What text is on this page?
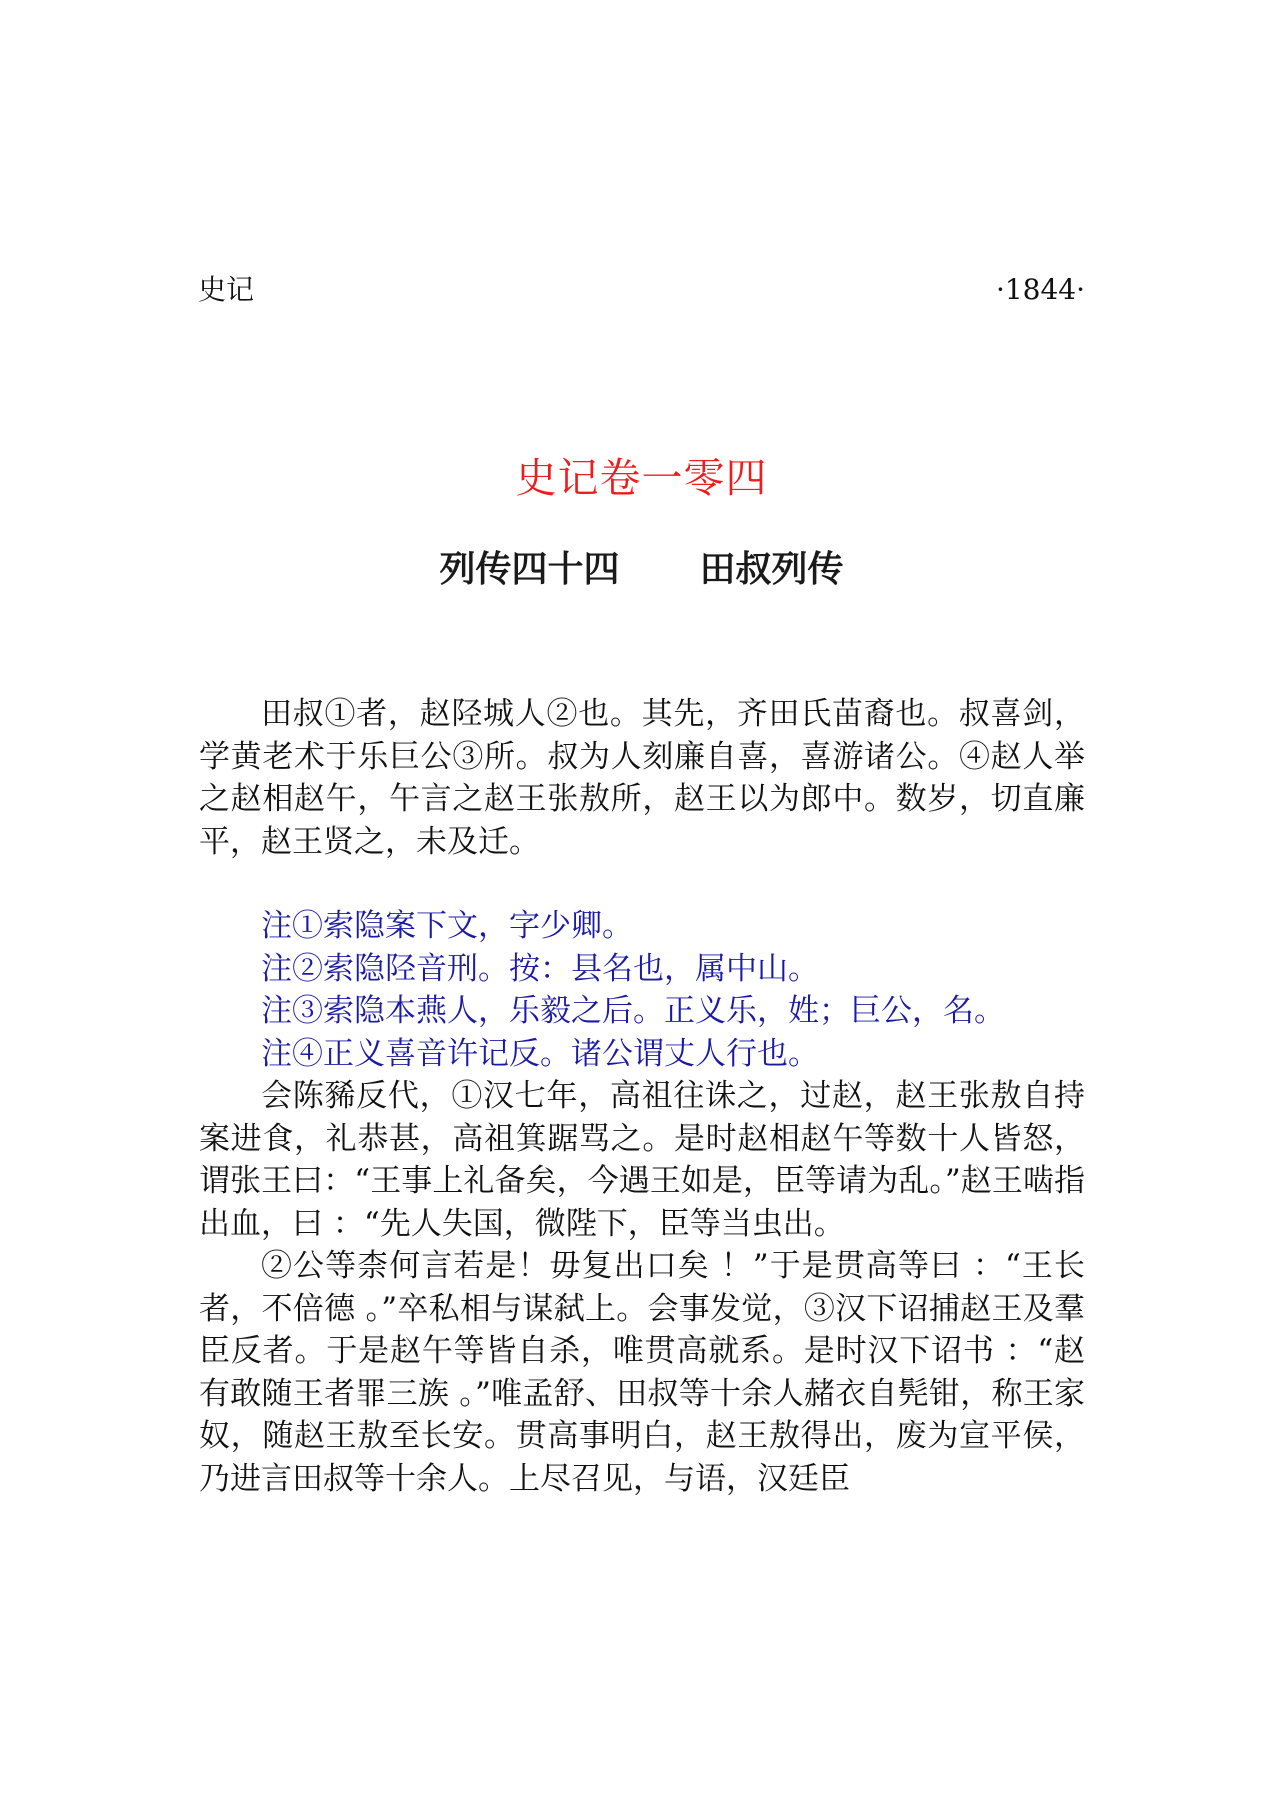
史记	·1844·
史记卷一零四
列传四十四 田叔列传

田叔①者，赵陉城人②也。其先，齐田氏苗裔也。叔喜剑，学黄老术于乐巨公③所。叔为人刻廉自喜，喜游诸公。④赵人举之赵相赵午，午言之赵王张敖所，赵王以为郎中。数岁，切直廉平，赵王贤之，未及迁。

注①索隐案下文，字少卿。

注②索隐陉音刑。按：县名也，属中山。

注③索隐本燕人，乐毅之后。正义乐，姓；巨公，名。

注④正义喜音许记反。诸公谓丈人行也。

会陈豨反代，①汉七年，高祖往诛之，过赵，赵王张敖自持案进食，礼恭甚，高祖箕踞骂之。是时赵相赵午等数十人皆怒，谓张王曰：“王事上礼备矣，今遇王如是，臣等请为乱。”赵王啮指出血，曰 ：“先人失国，微陛下，臣等当虫出。

②公等柰何言若是！毋复出口矣 ！”于是贯高等曰 ：“王长者，不倍德 。”卒私相与谋弑上。会事发觉，③汉下诏捕赵王及羣臣反者。于是赵午等皆自杀，唯贯高就系。是时汉下诏书 ：“赵有敢随王者罪三族 。”唯孟舒、田叔等十余人赭衣自髡钳，称王家奴，随赵王敖至长安。贯高事明白，赵王敖得出，废为宣平侯，乃进言田叔等十余人。上尽召见，与语，汉廷臣
